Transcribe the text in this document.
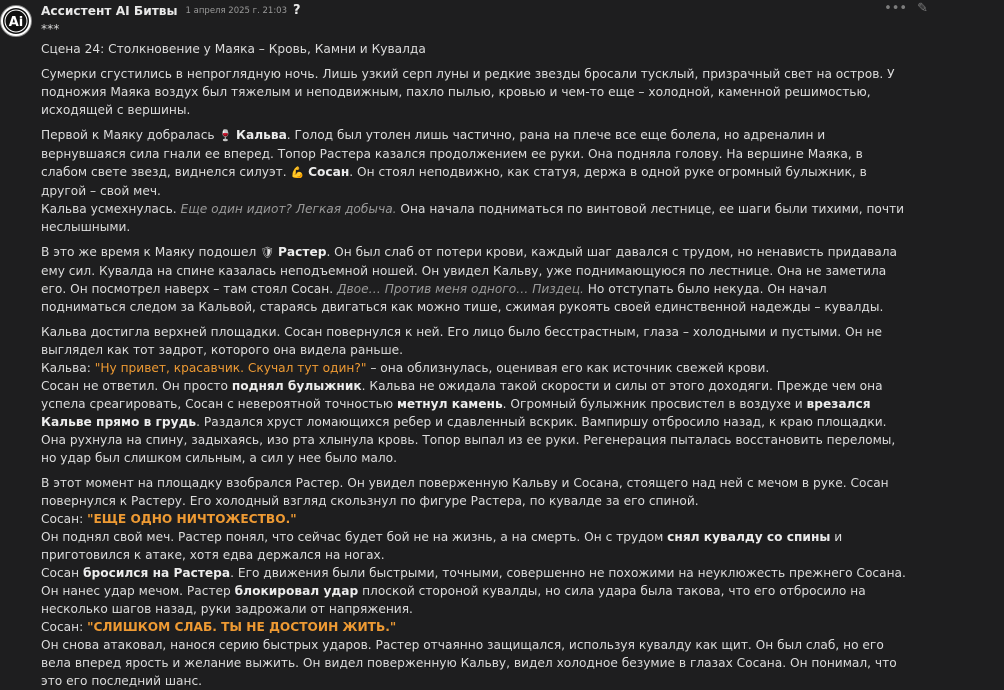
Ai
Ассистент AI Битвы 1 апреля 2025 г. 21:03 ?	••• ✎

***

Сцена 24: Столкновение у Маяка – Кровь, Камни и Кувалда

Сумерки сгустились в непроглядную ночь. Лишь узкий серп луны и редкие звезды бросали тусклый, призрачный свет на остров. У подножия Маяка воздух был тяжелым и неподвижным, пахло пылью, кровью и чем-то еще – холодной, каменной решимостью, исходящей с вершины.

Первой к Маяку добралась 🍷 Кальва. Голод был утолен лишь частично, рана на плече все еще болела, но адреналин и вернувшаяся сила гнали ее вперед. Топор Растера казался продолжением ее руки. Она подняла голову. На вершине Маяка, в слабом свете звезд, виднелся силуэт. 💪 Сосан. Он стоял неподвижно, как статуя, держа в одной руке огромный булыжник, в другой – свой меч.

Кальва усмехнулась. Еще один идиот? Легкая добыча. Она начала подниматься по винтовой лестнице, ее шаги были тихими, почти неслышными.

В это же время к Маяку подошел 🛡 Растер. Он был слаб от потери крови, каждый шаг давался с трудом, но ненависть придавала ему сил. Кувалда на спине казалась неподъемной ношей. Он увидел Кальву, уже поднимающуюся по лестнице. Она не заметила его. Он посмотрел наверх – там стоял Сосан. Двое… Против меня одного… Пиздец. Но отступать было некуда. Он начал подниматься следом за Кальвой, стараясь двигаться как можно тише, сжимая рукоять своей единственной надежды – кувалды.

Кальва достигла верхней площадки. Сосан повернулся к ней. Его лицо было бесстрастным, глаза – холодными и пустыми. Он не выглядел как тот задрот, которого она видела раньше.

Кальва: "Ну привет, красавчик. Скучал тут один?" – она облизнулась, оценивая его как источник свежей крови.

Сосан не ответил. Он просто поднял булыжник. Кальва не ожидала такой скорости и силы от этого доходяги. Прежде чем она успела среагировать, Сосан с невероятной точностью метнул камень. Огромный булыжник просвистел в воздухе и врезался Кальве прямо в грудь. Раздался хруст ломающихся ребер и сдавленный вскрик. Вампиршу отбросило назад, к краю площадки. Она рухнула на спину, задыхаясь, изо рта хлынула кровь. Топор выпал из ее руки. Регенерация пыталась восстановить переломы, но удар был слишком сильным, а сил у нее было мало.

В этот момент на площадку взобрался Растер. Он увидел поверженную Кальву и Сосана, стоящего над ней с мечом в руке. Сосан повернулся к Растеру. Его холодный взгляд скользнул по фигуре Растера, по кувалде за его спиной.

Сосан: "ЕЩЕ ОДНО НИЧТОЖЕСТВО."

Он поднял свой меч. Растер понял, что сейчас будет бой не на жизнь, а на смерть. Он с трудом снял кувалду со спины и приготовился к атаке, хотя едва держался на ногах.

Сосан бросился на Растера. Его движения были быстрыми, точными, совершенно не похожими на неуклюжесть прежнего Сосана. Он нанес удар мечом. Растер блокировал удар плоской стороной кувалды, но сила удара была такова, что его отбросило на несколько шагов назад, руки задрожали от напряжения.

Сосан: "СЛИШКОМ СЛАБ. ТЫ НЕ ДОСТОИН ЖИТЬ."

Он снова атаковал, нанося серию быстрых ударов. Растер отчаянно защищался, используя кувалду как щит. Он был слаб, но его вела вперед ярость и желание выжить. Он видел поверженную Кальву, видел холодное безумие в глазах Сосана. Он понимал, что это его последний шанс.
